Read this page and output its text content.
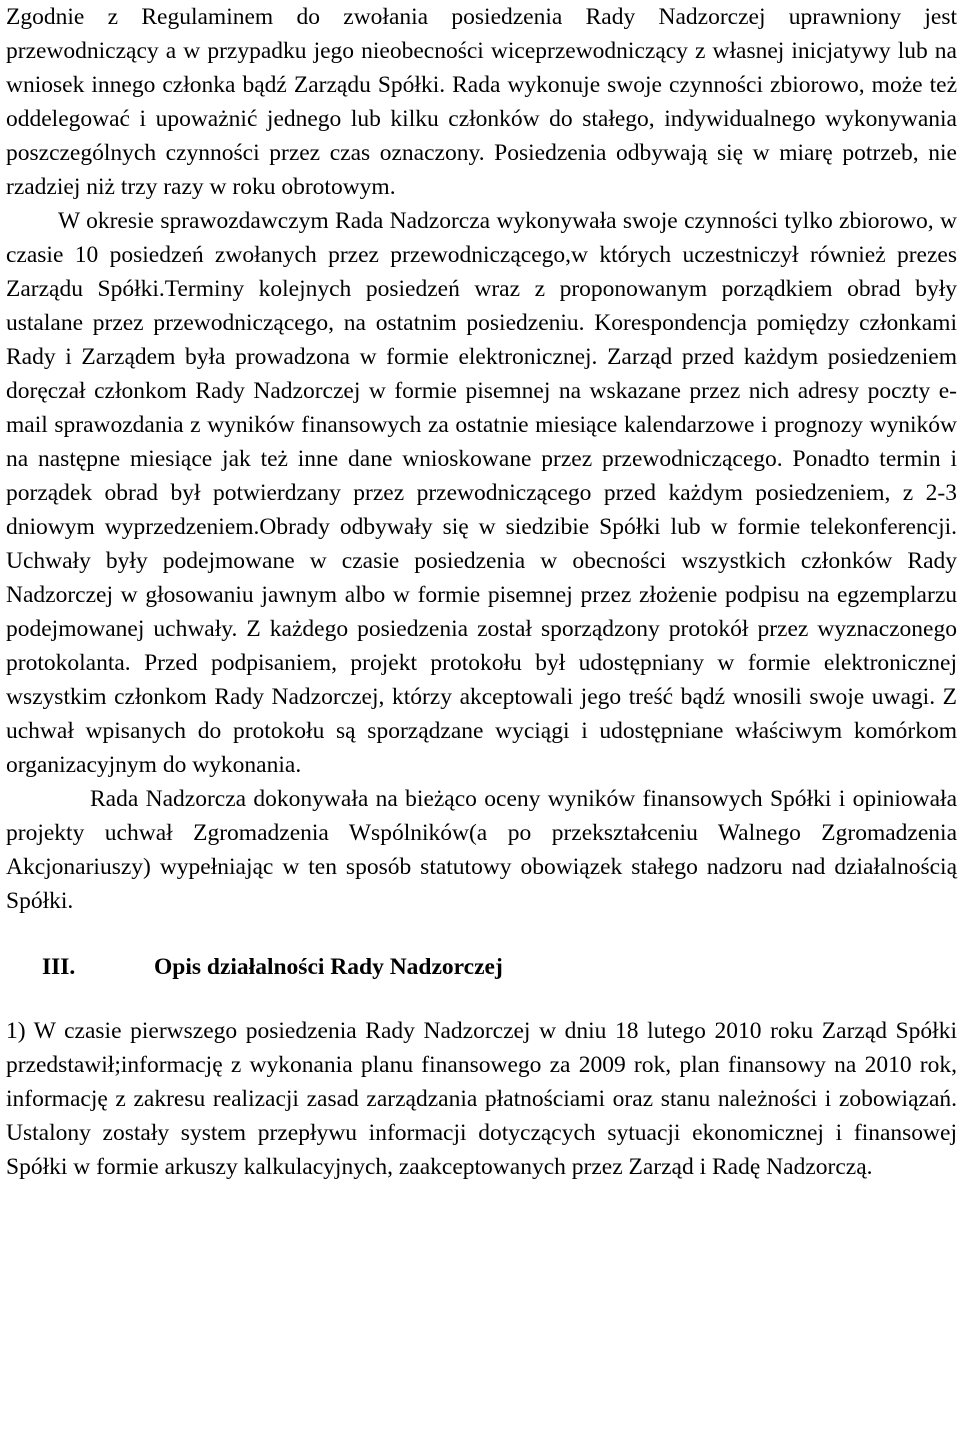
Zgodnie z Regulaminem do zwołania posiedzenia Rady Nadzorczej uprawniony jest przewodniczący a w przypadku jego nieobecności wiceprzewodniczący z własnej inicjatywy lub na wniosek innego członka bądź Zarządu Spółki. Rada wykonuje swoje czynności zbiorowo, może też oddelegować i upoważnić jednego lub kilku członków do stałego, indywidualnego wykonywania poszczególnych czynności przez czas oznaczony. Posiedzenia odbywają się w miarę potrzeb, nie rzadziej niż trzy razy w roku obrotowym.

W okresie sprawozdawczym Rada Nadzorcza wykonywała swoje czynności tylko zbiorowo, w czasie 10 posiedzeń zwołanych przez przewodniczącego,w których uczestniczył również prezes Zarządu Spółki.Terminy kolejnych posiedzeń wraz z proponowanym porządkiem obrad były ustalane przez przewodniczącego, na ostatnim posiedzeniu. Korespondencja pomiędzy członkami Rady i Zarządem była prowadzona w formie elektronicznej. Zarząd przed każdym posiedzeniem doręczał członkom Rady Nadzorczej w formie pisemnej na wskazane przez nich adresy poczty e-mail sprawozdania z wyników finansowych za ostatnie miesiące kalendarzowe i prognozy wyników na następne miesiące jak też inne dane wnioskowane przez przewodniczącego. Ponadto termin i porządek obrad był potwierdzany przez przewodniczącego przed każdym posiedzeniem, z 2-3 dniowym wyprzedzeniem.Obrady odbywały się w siedzibie Spółki lub w formie telekonferencji. Uchwały były podejmowane w czasie posiedzenia w obecności wszystkich członków Rady Nadzorczej w głosowaniu jawnym albo w formie pisemnej przez złożenie podpisu na egzemplarzu podejmowanej uchwały. Z każdego posiedzenia został sporządzony protokół przez wyznaczonego protokolanta. Przed podpisaniem, projekt protokołu był udostępniany w formie elektronicznej wszystkim członkom Rady Nadzorczej, którzy akceptowali jego treść bądź wnosili swoje uwagi. Z uchwał wpisanych do protokołu są sporządzane wyciągi i udostępniane właściwym komórkom organizacyjnym do wykonania.

Rada Nadzorcza dokonywała na bieżąco oceny wyników finansowych Spółki i opiniowała projekty uchwał Zgromadzenia Wspólników(a po przekształceniu Walnego Zgromadzenia Akcjonariuszy) wypełniając w ten sposób statutowy obowiązek stałego nadzoru nad działalnością Spółki.

III.	Opis działalności Rady Nadzorczej

1) W czasie pierwszego posiedzenia Rady Nadzorczej w dniu 18 lutego 2010 roku Zarząd Spółki przedstawił;informację z wykonania planu finansowego za 2009 rok, plan finansowy na 2010 rok, informację z zakresu realizacji zasad zarządzania płatnościami oraz stanu należności i zobowiązań. Ustalony zostały system przepływu informacji dotyczących sytuacji ekonomicznej i finansowej Spółki w formie arkuszy kalkulacyjnych, zaakceptowanych przez Zarząd i Radę Nadzorczą.
